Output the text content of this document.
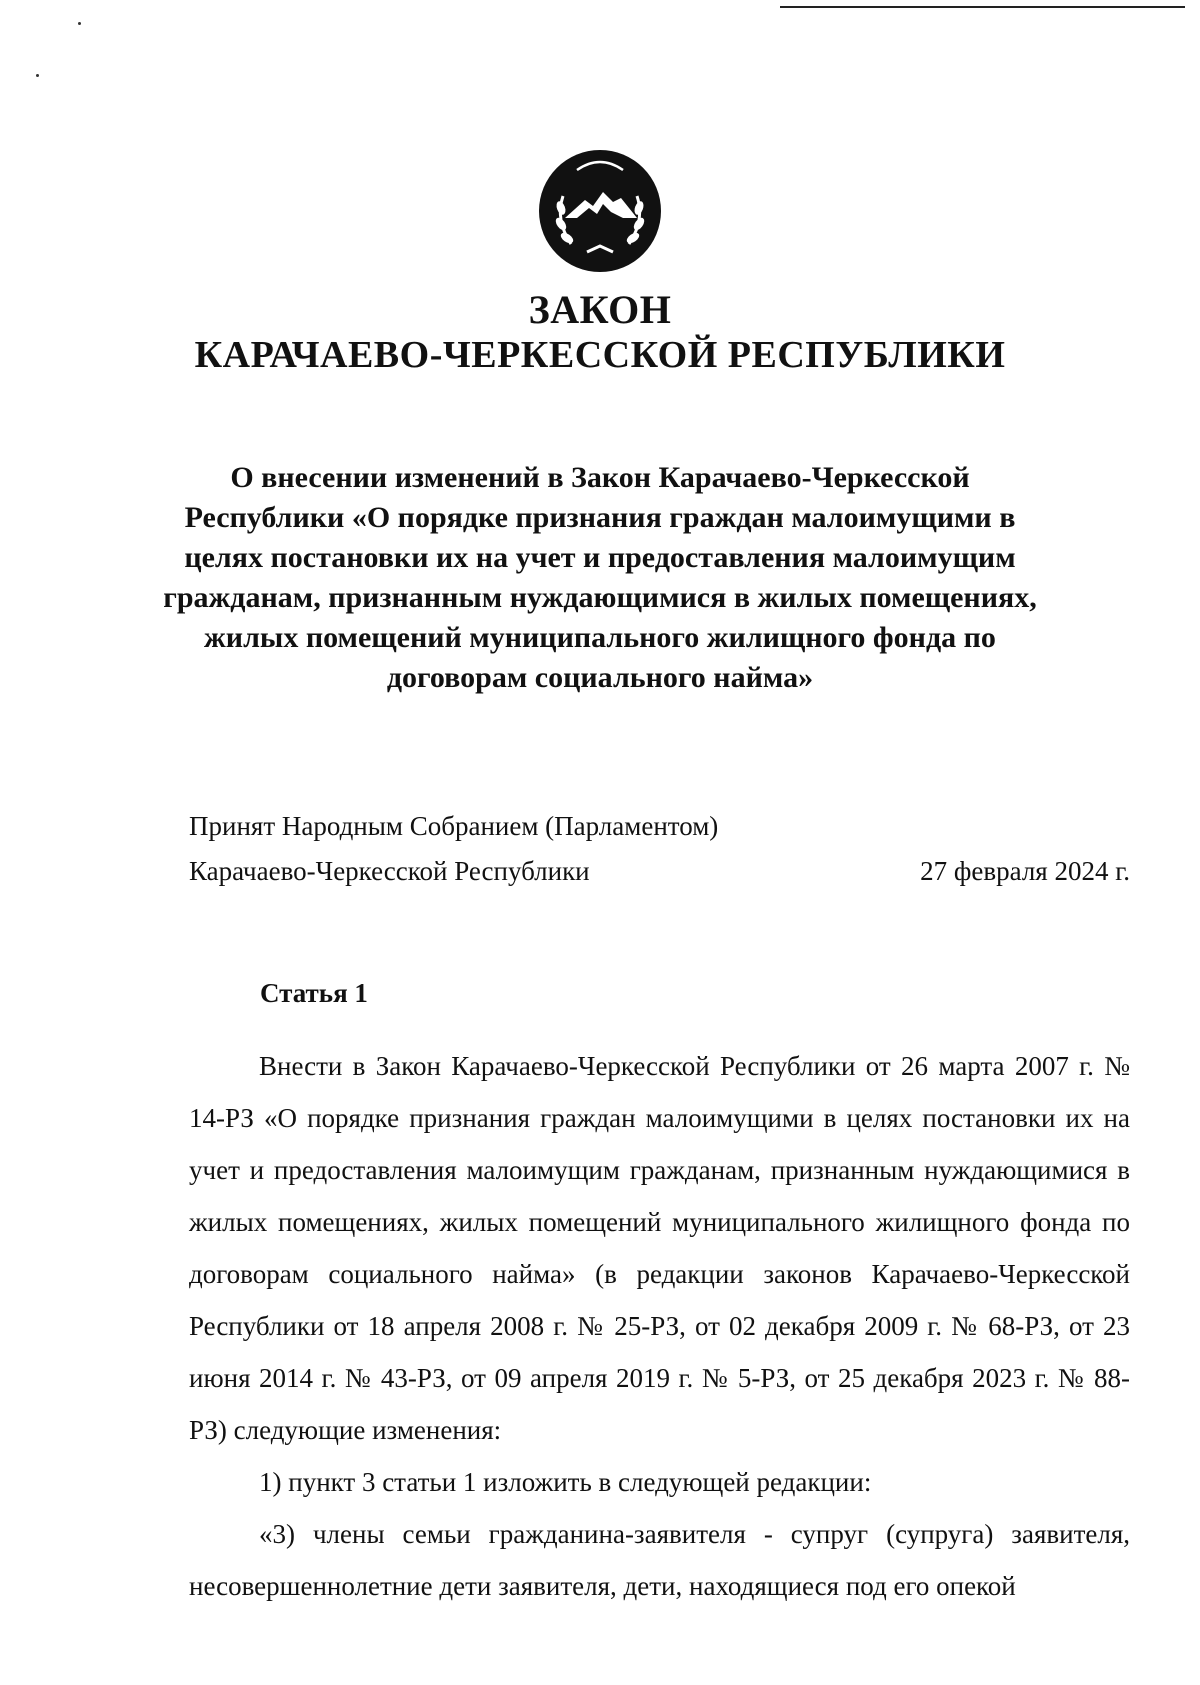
ЗАКОН
КАРАЧАЕВО-ЧЕРКЕССКОЙ РЕСПУБЛИКИ
О внесении изменений в Закон Карачаево-Черкесской Республики «О порядке признания граждан малоимущими в целях постановки их на учет и предоставления малоимущим гражданам, признанным нуждающимися в жилых помещениях, жилых помещений муниципального жилищного фонда по договорам социального найма»
Принят Народным Собранием (Парламентом)
Карачаево-Черкесской Республики	27 февраля 2024 г.
Статья 1

Внести в Закон Карачаево-Черкесской Республики от 26 марта 2007 г. № 14-РЗ «О порядке признания граждан малоимущими в целях постановки их на учет и предоставления малоимущим гражданам, признанным нуждающимися в жилых помещениях, жилых помещений муниципального жилищного фонда по договорам социального найма» (в редакции законов Карачаево-Черкесской Республики от 18 апреля 2008 г. № 25-РЗ, от 02 декабря 2009 г. № 68-РЗ, от 23 июня 2014 г. № 43-РЗ, от 09 апреля 2019 г. № 5-РЗ, от 25 декабря 2023 г. № 88-РЗ) следующие изменения:

1) пункт 3 статьи 1 изложить в следующей редакции:

«3) члены семьи гражданина-заявителя - супруг (супруга) заявителя, несовершеннолетние дети заявителя, дети, находящиеся под его опекой
